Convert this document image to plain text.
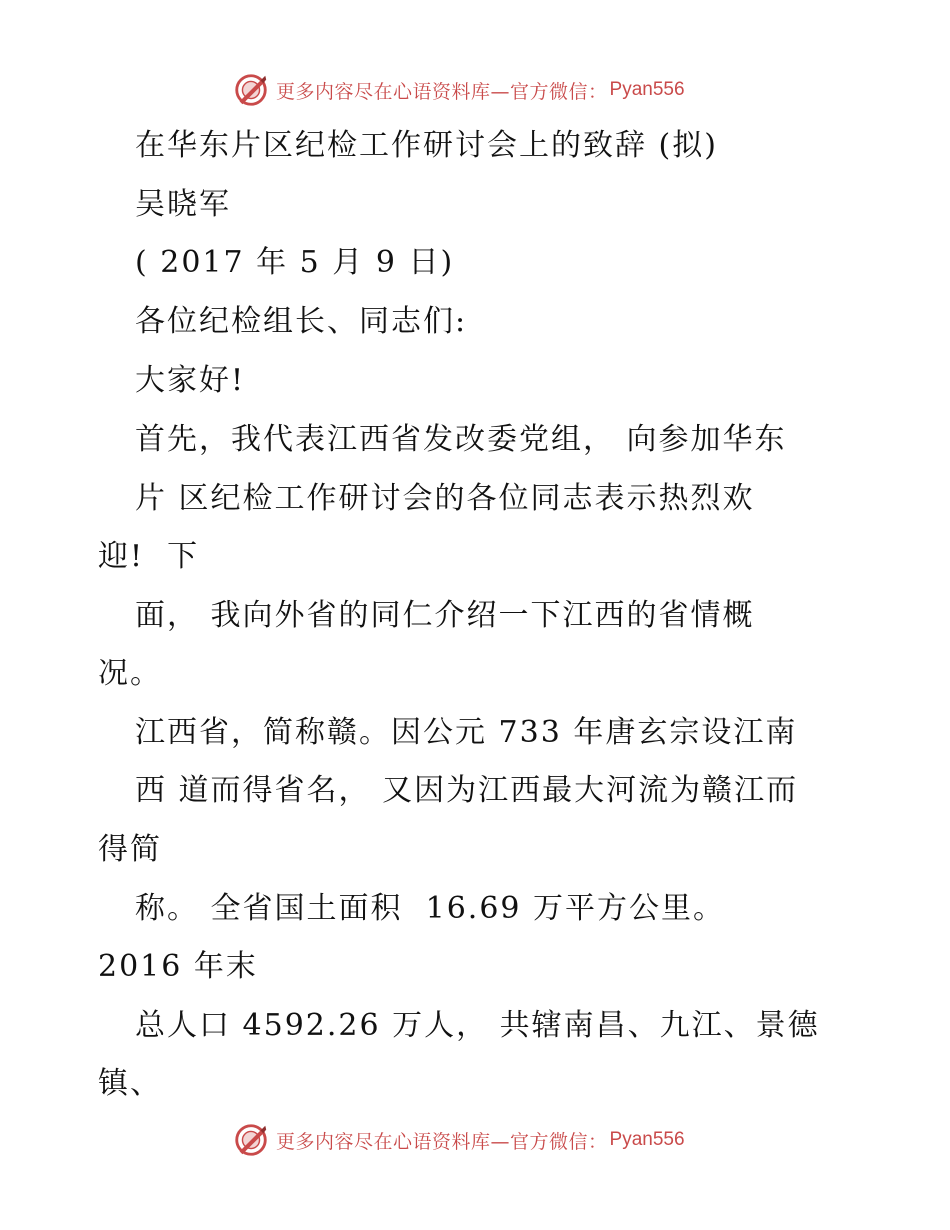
更多内容尽在心语资料库—官方微信： Pyan556
在华东片区纪检工作研讨会上的致辞 (拟)
吴晓军
( 2017 年 5 月 9 日)
各位纪检组长、同志们:
大家好!
首先，我代表江西省发改委党组， 向参加华东
片 区纪检工作研讨会的各位同志表示热烈欢
迎!  下
面， 我向外省的同仁介绍一下江西的省情概
况。
江西省，简称赣。因公元 733 年唐玄宗设江南
西 道而得省名， 又因为江西最大河流为赣江而
得简
称。 全省国土面积  16.69 万平方公里。
2016 年末
总人口 4592.26 万人， 共辖南昌、九江、景德
镇、
更多内容尽在心语资料库—官方微信： Pyan556
